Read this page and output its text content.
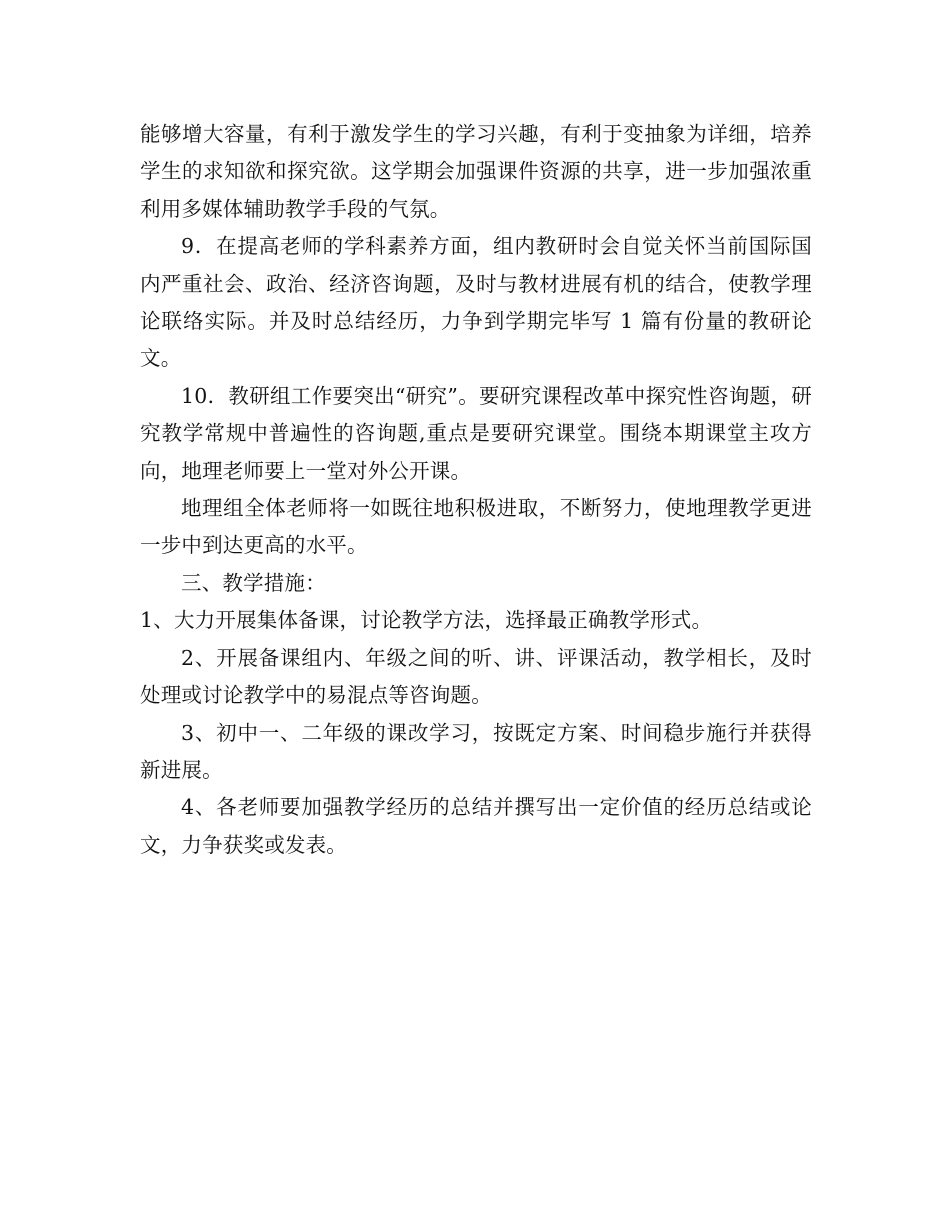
能够增大容量，有利于激发学生的学习兴趣，有利于变抽象为详细，培养学生的求知欲和探究欲。这学期会加强课件资源的共享，进一步加强浓重利用多媒体辅助教学手段的气氛。

9．在提高老师的学科素养方面，组内教研时会自觉关怀当前国际国内严重社会、政治、经济咨询题，及时与教材进展有机的结合，使教学理论联络实际。并及时总结经历，力争到学期完毕写 1 篇有份量的教研论文。

10．教研组工作要突出“研究”。要研究课程改革中探究性咨询题，研究教学常规中普遍性的咨询题,重点是要研究课堂。围绕本期课堂主攻方向，地理老师要上一堂对外公开课。

地理组全体老师将一如既往地积极进取，不断努力，使地理教学更进一步中到达更高的水平。

三、教学措施：

1、大力开展集体备课，讨论教学方法，选择最正确教学形式。

2、开展备课组内、年级之间的听、讲、评课活动，教学相长，及时处理或讨论教学中的易混点等咨询题。

3、初中一、二年级的课改学习，按既定方案、时间稳步施行并获得新进展。

4、各老师要加强教学经历的总结并撰写出一定价值的经历总结或论文，力争获奖或发表。
